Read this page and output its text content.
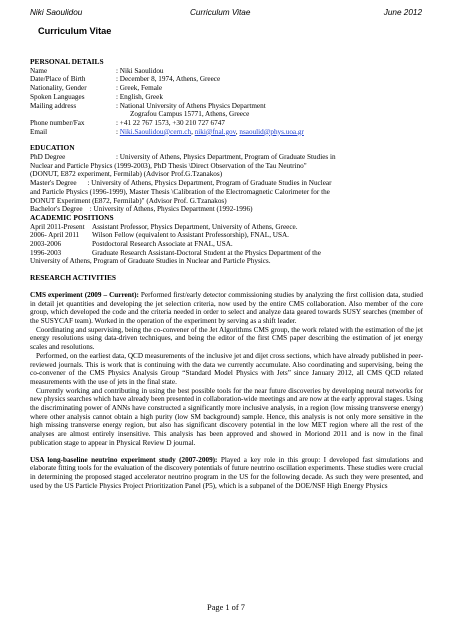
Niki Saoulidou	Curriculum Vitae	June 2012
Curriculum Vitae

PERSONAL DETAILS

Name	: Niki Saoulidou
Date/Place of Birth	: December 8, 1974, Athens, Greece
Nationality, Gender	: Greek, Female
Spoken Languages	: English, Greek
Mailing address	: National University of Athens Physics Department
Zografou Campus 15771, Athens, Greece
Phone number/Fax	: +41 22 767 1573, +30 210 727 6747
Email	: Niki.Saoulidou@cern.ch, niki@fnal.gov, nsaoulid@phys.uoa.gr

EDUCATION

PhD Degree	: University of Athens, Physics Department, Program of Graduate Studies in
Nuclear and Particle Physics (1999-2003), PhD Thesis \Direct Observation of the Tau Neutrino"
(DONUT, E872 experiment, Fermilab) (Advisor Prof.G.Tzanakos)
Master's Degree      : University of Athens, Physics Department, Program of Graduate Studies in Nuclear
and Particle Physics (1996-1999), Master Thesis \Calibration of the Electromagnetic Calorimeter for the
DONUT Experiment (E872, Fermilab)" (Advisor Prof. G.Tzanakos)
Bachelor's Degree    : University of Athens, Physics Department (1992-1996)

ACADEMIC POSITIONS

April 2011-Present	Assistant Professor, Physics Department, University of Athens, Greece.
2006- April 2011	Wilson Fellow (equivalent to Assistant Professorship), FNAL, USA.
2003-2006	Postdoctoral Research Associate at FNAL, USA.
1996-2003	Graduate Research Assistant-Doctoral Student at the Physics Department of the
University of Athens, Program of Graduate Studies in Nuclear and Particle Physics.

RESEARCH ACTIVITIES

CMS experiment (2009 – Current): Performed first/early detector commissioning studies by analyzing the first collision data, studied in detail jet quantities and developing the jet selection criteria, now used by the entire CMS collaboration. Also member of the core group, which developed the code and the criteria needed in order to select and analyze data geared towards SUSY searches (member of the SUSYCAF team). Worked in the operation of the experiment by serving as a shift leader.

Coordinating and supervising, being the co-convener of the Jet Algorithms CMS group, the work related with the estimation of the jet energy resolutions using data-driven techniques, and being the editor of the first CMS paper describing the estimation of jet energy scales and resolutions.

Performed, on the earliest data, QCD measurements of the inclusive jet and dijet cross sections, which have already published in peer-reviewed journals. This is work that is continuing with the data we currently accumulate. Also coordinating and supervising, being the co-convener of the CMS Physics Analysis Group “Standard Model Physics with Jets” since January 2012, all CMS QCD related measurements with the use of jets in the final state.

Currently working and contributing in using the best possible tools for the near future discoveries by developing neural networks for new physics searches which have already been presented in collaboration-wide meetings and are now at the early approval stages. Using the discriminating power of ANNs have constructed a significantly more inclusive analysis, in a region (low missing transverse energy) where other analysis cannot obtain a high purity (low SM background) sample. Hence, this analysis is not only more sensitive in the high missing transverse energy region, but also has significant discovery potential in the low MET region where all the rest of the analyses are almost entirely insensitive. This analysis has been approved and showed in Moriond 2011 and is now in the final publication stage to appear in Physical Review D journal.

USA long-baseline neutrino experiment study (2007-2009): Played a key role in this group: I developed fast simulations and elaborate fitting tools for the evaluation of the discovery potentials of future neutrino oscillation experiments. These studies were crucial in determining the proposed staged accelerator neutrino program in the US for the following decade. As such they were presented, and used by the US Particle Physics Project Prioritization Panel (P5), which is a subpanel of the DOE/NSF High Energy Physics

Page 1 of 7
